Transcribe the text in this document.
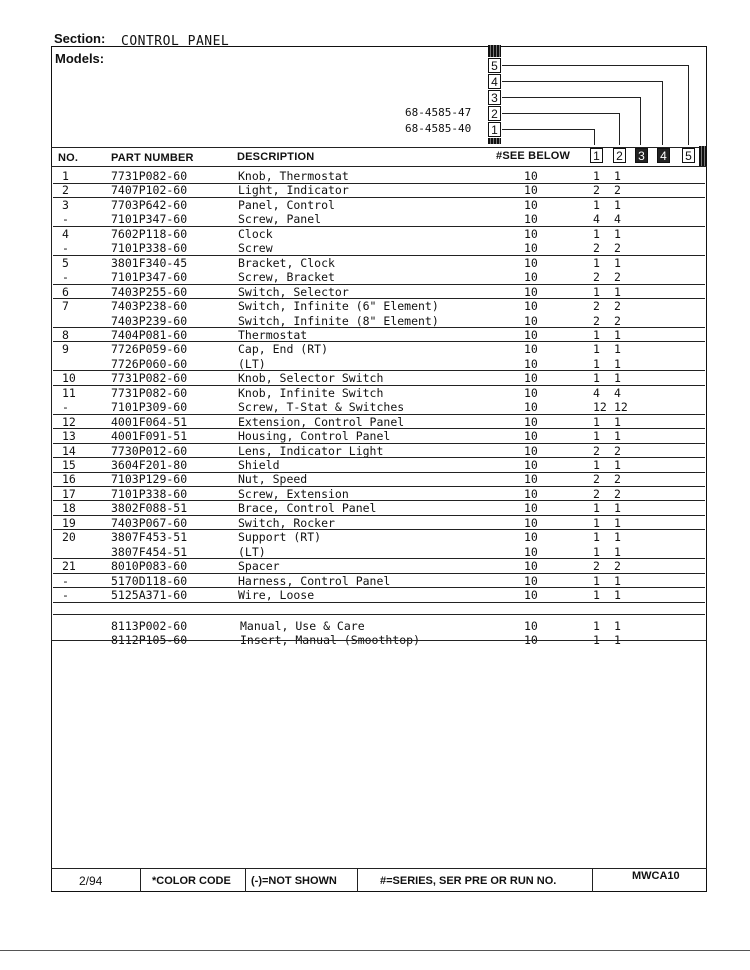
Section: CONTROL PANEL
Models:	5
4
3
2
68-4585-47
1
68-4585-40
NO.	PART NUMBER	DESCRIPTION	#SEE BELOW 1 2 3 4 5
1	7731P082-60	Knob, Thermostat	10	1 1
2	7407P102-60	Light, Indicator	10	2 2
3	7703P642-60	Panel, Control	10	1 1
-	7101P347-60	Screw, Panel	10	4 4
4	7602P118-60	Clock	10	1 1
-	7101P338-60	Screw	10	2 2
5	3801F340-45	Bracket, Clock	10	1 1
-	7101P347-60	Screw, Bracket	10	2 2
6	7403P255-60	Switch, Selector	10	1 1
7	7403P238-60	Switch, Infinite (6" Element)	10	2 2
7403P239-60	Switch, Infinite (8" Element)	10	2 2
8	7404P081-60	Thermostat	10	1 1
9	7726P059-60	Cap, End (RT)	10	1 1
7726P060-60	(LT)	10	1 1
10	7731P082-60	Knob, Selector Switch	10	1 1
11	7731P082-60	Knob, Infinite Switch	10	4 4
-	7101P309-60	Screw, T-Stat & Switches	10	12 12
12	4001F064-51	Extension, Control Panel	10	1 1
13	4001F091-51	Housing, Control Panel	10	1 1
14	7730P012-60	Lens, Indicator Light	10	2 2
15	3604F201-80	Shield	10	1 1
16	7103P129-60	Nut, Speed	10	2 2
17	7101P338-60	Screw, Extension	10	2 2
18	3802F088-51	Brace, Control Panel	10	1 1
19	7403P067-60	Switch, Rocker	10	1 1
20	3807F453-51	Support (RT)	10	1 1
3807F454-51	(LT)	10	1 1
21	8010P083-60	Spacer	10	2 2
-	5170D118-60	Harness, Control Panel	10	1 1
-	5125A371-60	Wire, Loose	10	1 1
8113P002-60	Manual, Use & Care	10	1 1
8112P105-60	Insert, Manual (Smoothtop)	10	1 1
2/94	*COLOR CODE (-)=NOT SHOWN	#=SERIES, SER PRE OR RUN NO.	MWCA10
